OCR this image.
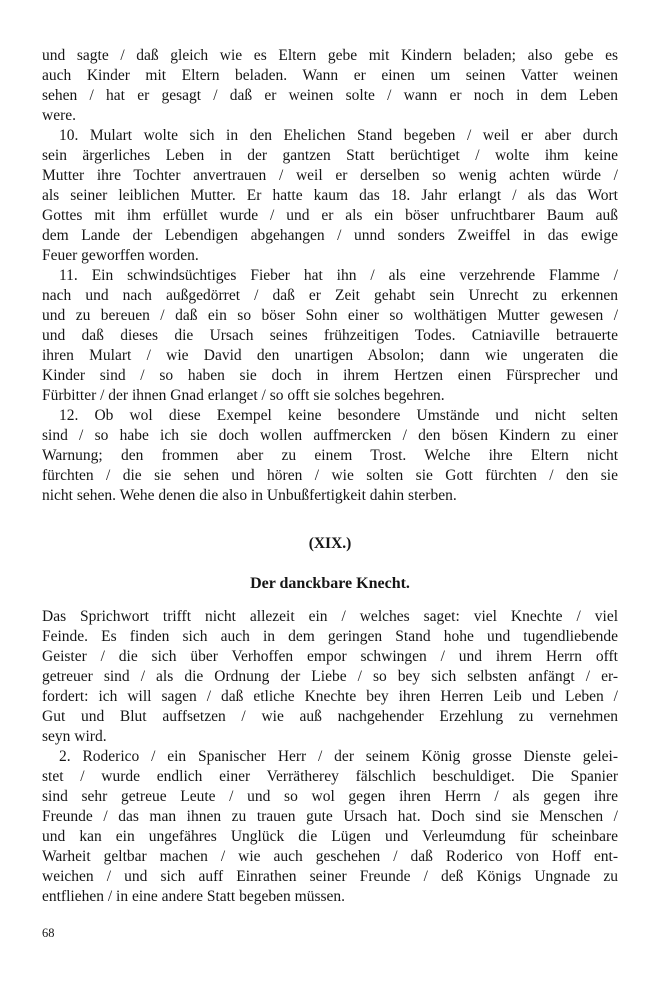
und sagte / daß gleich wie es Eltern gebe mit Kindern beladen; also gebe es
auch Kinder mit Eltern beladen. Wann er einen um seinen Vatter weinen
sehen / hat er gesagt / daß er weinen solte / wann er noch in dem Leben
were.
10. Mulart wolte sich in den Ehelichen Stand begeben / weil er aber durch
sein ärgerliches Leben in der gantzen Statt berüchtiget / wolte ihm keine
Mutter ihre Tochter anvertrauen / weil er derselben so wenig achten würde /
als seiner leiblichen Mutter. Er hatte kaum das 18. Jahr erlangt / als das Wort
Gottes mit ihm erfüllet wurde / und er als ein böser unfruchtbarer Baum auß
dem Lande der Lebendigen abgehangen / unnd sonders Zweiffel in das ewige
Feuer geworffen worden.
11. Ein schwindsüchtiges Fieber hat ihn / als eine verzehrende Flamme /
nach und nach außgedörret / daß er Zeit gehabt sein Unrecht zu erkennen
und zu bereuen / daß ein so böser Sohn einer so wolthätigen Mutter gewesen /
und daß dieses die Ursach seines frühzeitigen Todes. Catniaville betrauerte
ihren Mulart / wie David den unartigen Absolon; dann wie ungeraten die
Kinder sind / so haben sie doch in ihrem Hertzen einen Fürsprecher und
Fürbitter / der ihnen Gnad erlanget / so offt sie solches begehren.
12. Ob wol diese Exempel keine besondere Umstände und nicht selten
sind / so habe ich sie doch wollen auffmercken / den bösen Kindern zu einer
Warnung; den frommen aber zu einem Trost. Welche ihre Eltern nicht
fürchten / die sie sehen und hören / wie solten sie Gott fürchten / den sie
nicht sehen. Wehe denen die also in Unbußfertigkeit dahin sterben.
(XIX.)
Der danckbare Knecht.
Das Sprichwort trifft nicht allezeit ein / welches saget: viel Knechte / viel
Feinde. Es finden sich auch in dem geringen Stand hohe und tugendliebende
Geister / die sich über Verhoffen empor schwingen / und ihrem Herrn offt
getreuer sind / als die Ordnung der Liebe / so bey sich selbsten anfängt / er-
fordert: ich will sagen / daß etliche Knechte bey ihren Herren Leib und Leben /
Gut und Blut auffsetzen / wie auß nachgehender Erzehlung zu vernehmen
seyn wird.
2. Roderico / ein Spanischer Herr / der seinem König grosse Dienste gelei-
stet / wurde endlich einer Verrätherey fälschlich beschuldiget. Die Spanier
sind sehr getreue Leute / und so wol gegen ihren Herrn / als gegen ihre
Freunde / das man ihnen zu trauen gute Ursach hat. Doch sind sie Menschen /
und kan ein ungefähres Unglück die Lügen und Verleumdung für scheinbare
Warheit geltbar machen / wie auch geschehen / daß Roderico von Hoff ent-
weichen / und sich auff Einrathen seiner Freunde / deß Königs Ungnade zu
entfliehen / in eine andere Statt begeben müssen.
68
